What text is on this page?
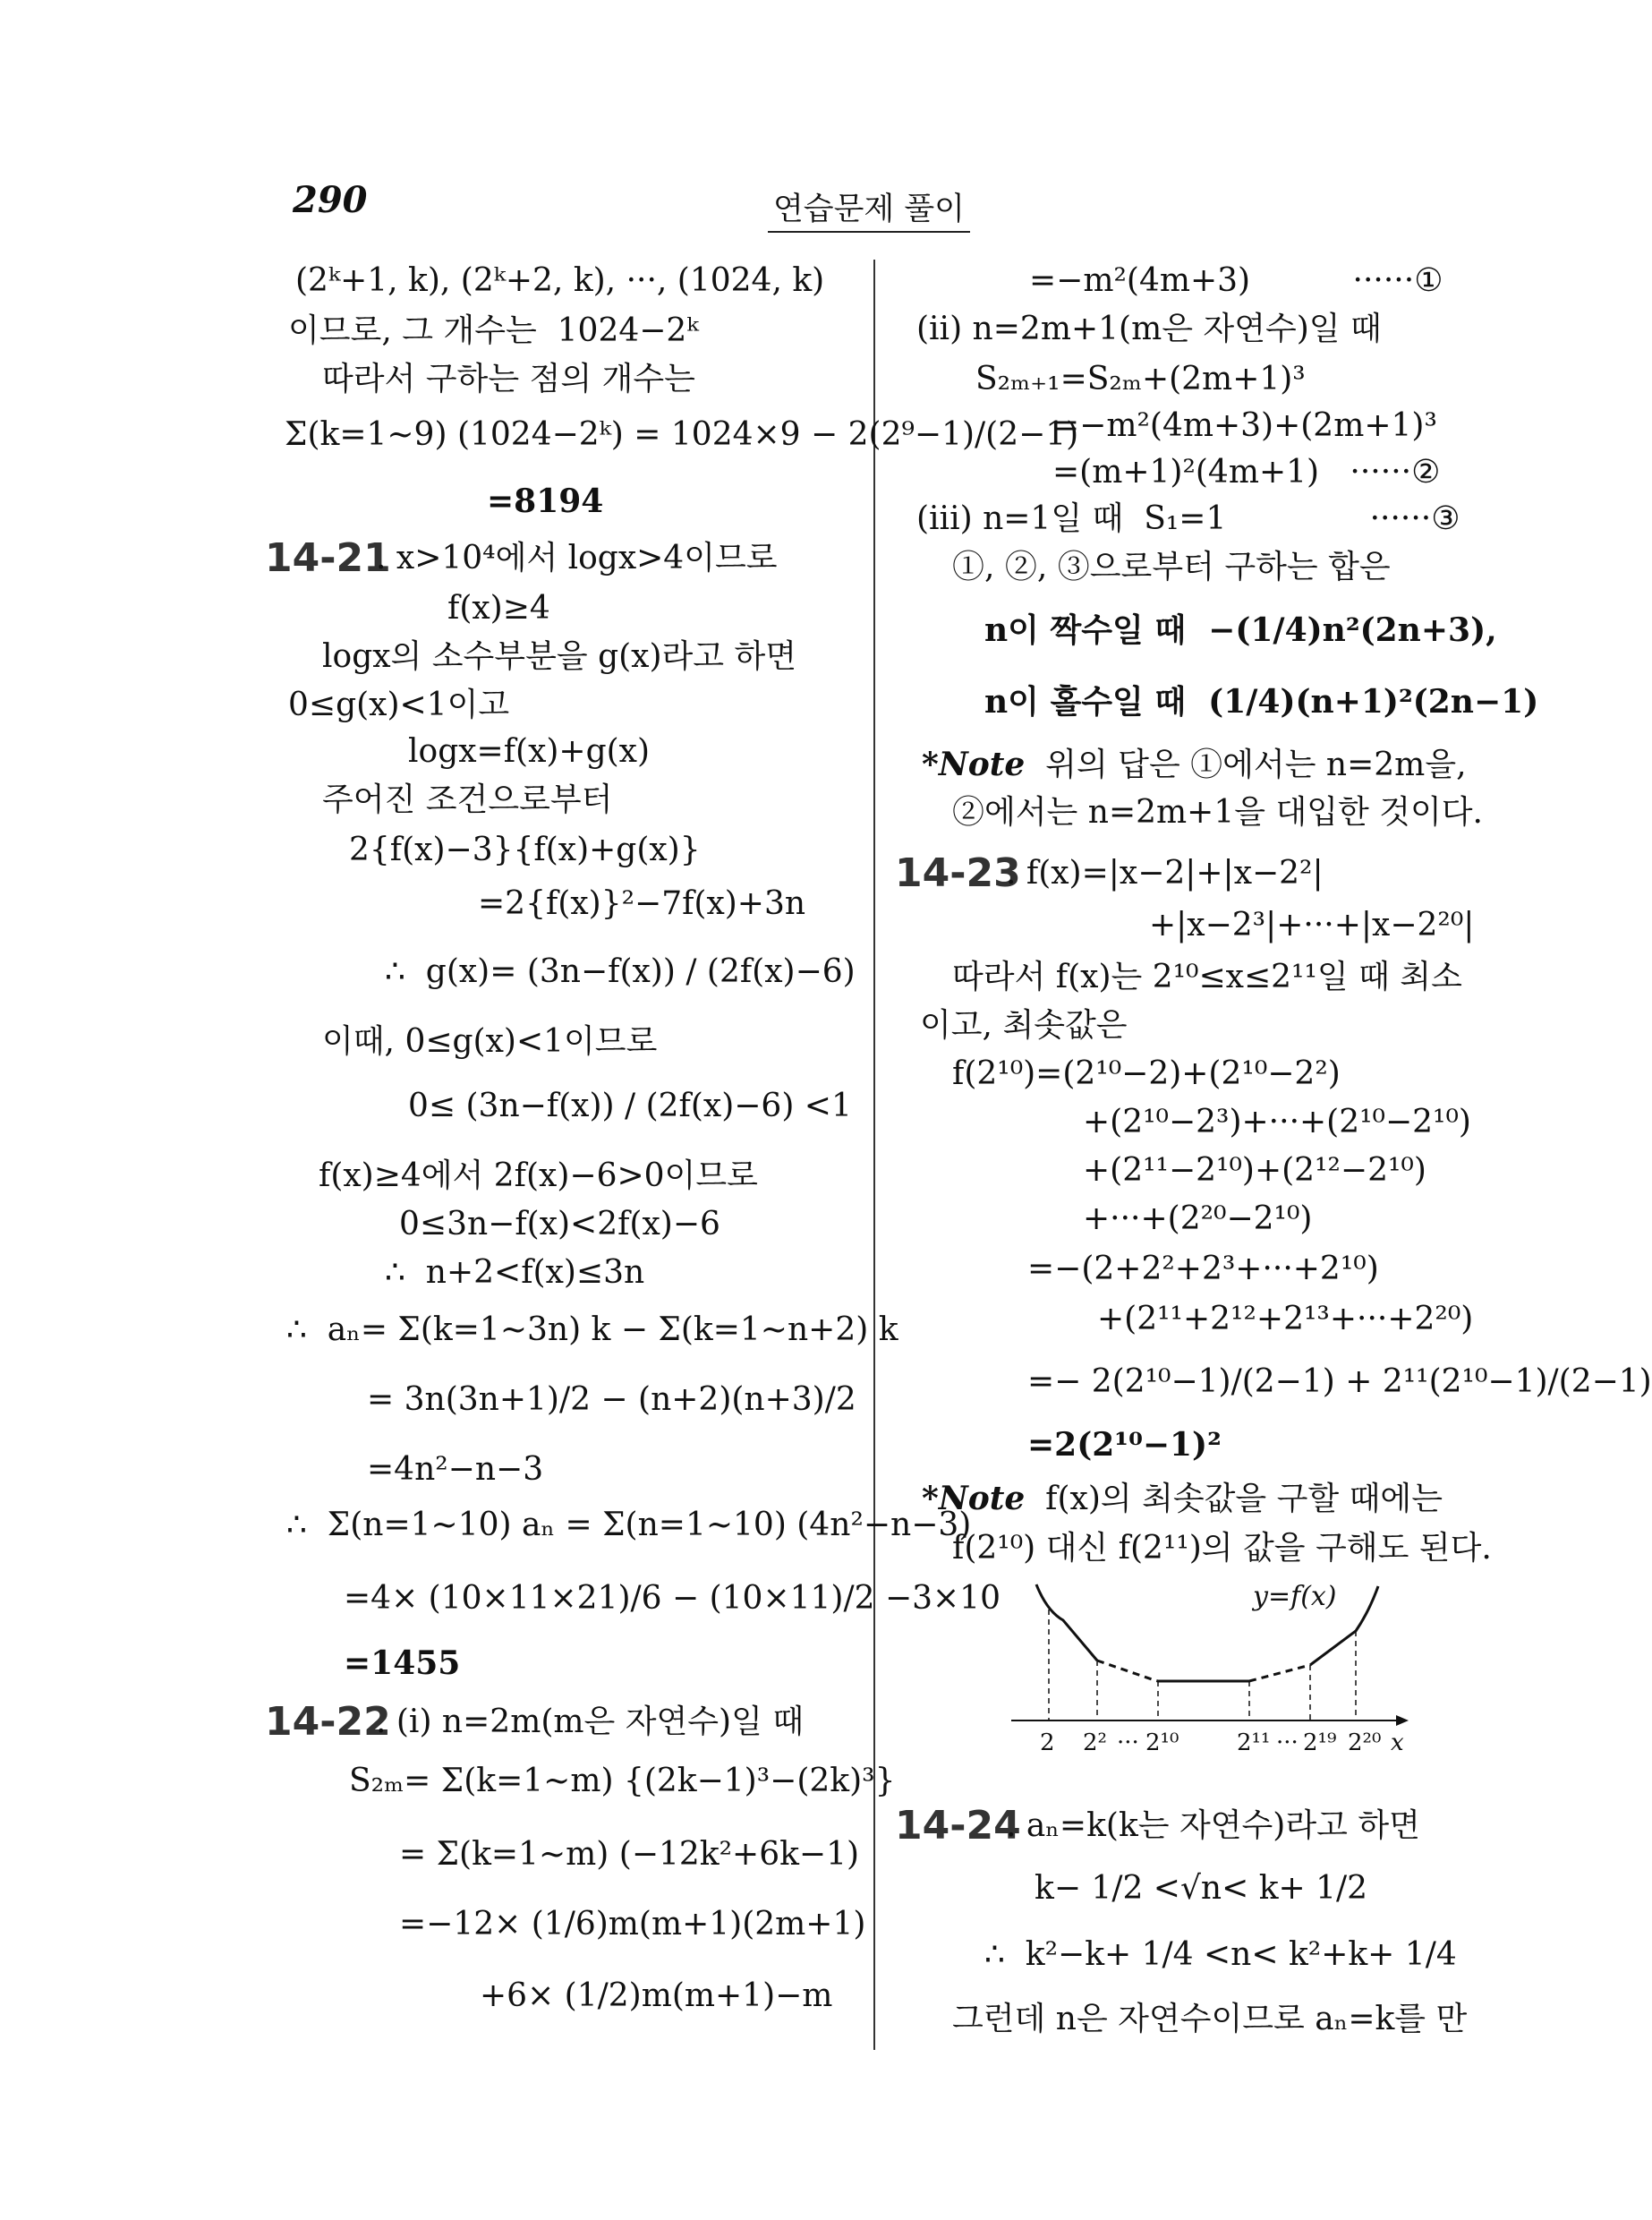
290	연습문제 풀이
(2ᵏ+1, k), (2ᵏ+2, k), ···, (1024, k)
이므로, 그 개수는  1024−2ᵏ
따라서 구하는 점의 개수는
Σ(k=1~9) (1024−2ᵏ) = 1024×9 − 2(2⁹−1)/(2−1)
=8194
14-21
. x>10⁴에서 logx>4이므로
f(x)≥4
logx의 소수부분을 g(x)라고 하면
0≤g(x)<1이고
logx=f(x)+g(x)
주어진 조건으로부터
2{f(x)−3}{f(x)+g(x)}
=2{f(x)}²−7f(x)+3n
∴  g(x)= (3n−f(x)) / (2f(x)−6)
이때, 0≤g(x)<1이므로
0≤ (3n−f(x)) / (2f(x)−6) <1
f(x)≥4에서 2f(x)−6>0이므로
0≤3n−f(x)<2f(x)−6
∴  n+2<f(x)≤3n
∴  aₙ= Σ(k=1~3n) k − Σ(k=1~n+2) k
= 3n(3n+1)/2 − (n+2)(n+3)/2
=4n²−n−3
∴  Σ(n=1~10) aₙ = Σ(n=1~10) (4n²−n−3)
=4× (10×11×21)/6 − (10×11)/2 −3×10
=1455
14-22
. (i) n=2m(m은 자연수)일 때
S₂ₘ= Σ(k=1~m) {(2k−1)³−(2k)³}
= Σ(k=1~m) (−12k²+6k−1)
=−12× (1/6)m(m+1)(2m+1)
+6× (1/2)m(m+1)−m
=−m²(4m+3)          ······①
(ii) n=2m+1(m은 자연수)일 때
S₂ₘ₊₁=S₂ₘ+(2m+1)³
=−m²(4m+3)+(2m+1)³
=(m+1)²(4m+1)   ······②
(iii) n=1일 때  S₁=1              ······③
①, ②, ③으로부터 구하는 합은
n이 짝수일 때  −(1/4)n²(2n+3),
n이 홀수일 때  (1/4)(n+1)²(2n−1)
*Note  위의 답은 ①에서는 n=2m을,
②에서는 n=2m+1을 대입한 것이다.
14-23
. f(x)=|x−2|+|x−2²|
+|x−2³|+···+|x−2²⁰|
따라서 f(x)는 2¹⁰≤x≤2¹¹일 때 최소
이고, 최솟값은
f(2¹⁰)=(2¹⁰−2)+(2¹⁰−2²)
+(2¹⁰−2³)+···+(2¹⁰−2¹⁰)
+(2¹¹−2¹⁰)+(2¹²−2¹⁰)
+···+(2²⁰−2¹⁰)
=−(2+2²+2³+···+2¹⁰)
+(2¹¹+2¹²+2¹³+···+2²⁰)
=− 2(2¹⁰−1)/(2−1) + 2¹¹(2¹⁰−1)/(2−1)
=2(2¹⁰−1)²
*Note  f(x)의 최솟값을 구할 때에는
f(2¹⁰) 대신 f(2¹¹)의 값을 구해도 된다.
y=f(x)
2 2² ··· 2¹⁰ 2¹¹ ··· 2¹⁹ 2²⁰ x
14-24
. aₙ=k(k는 자연수)라고 하면
k− 1/2 <√n< k+ 1/2
∴  k²−k+ 1/4 <n< k²+k+ 1/4
그런데 n은 자연수이므로 aₙ=k를 만
